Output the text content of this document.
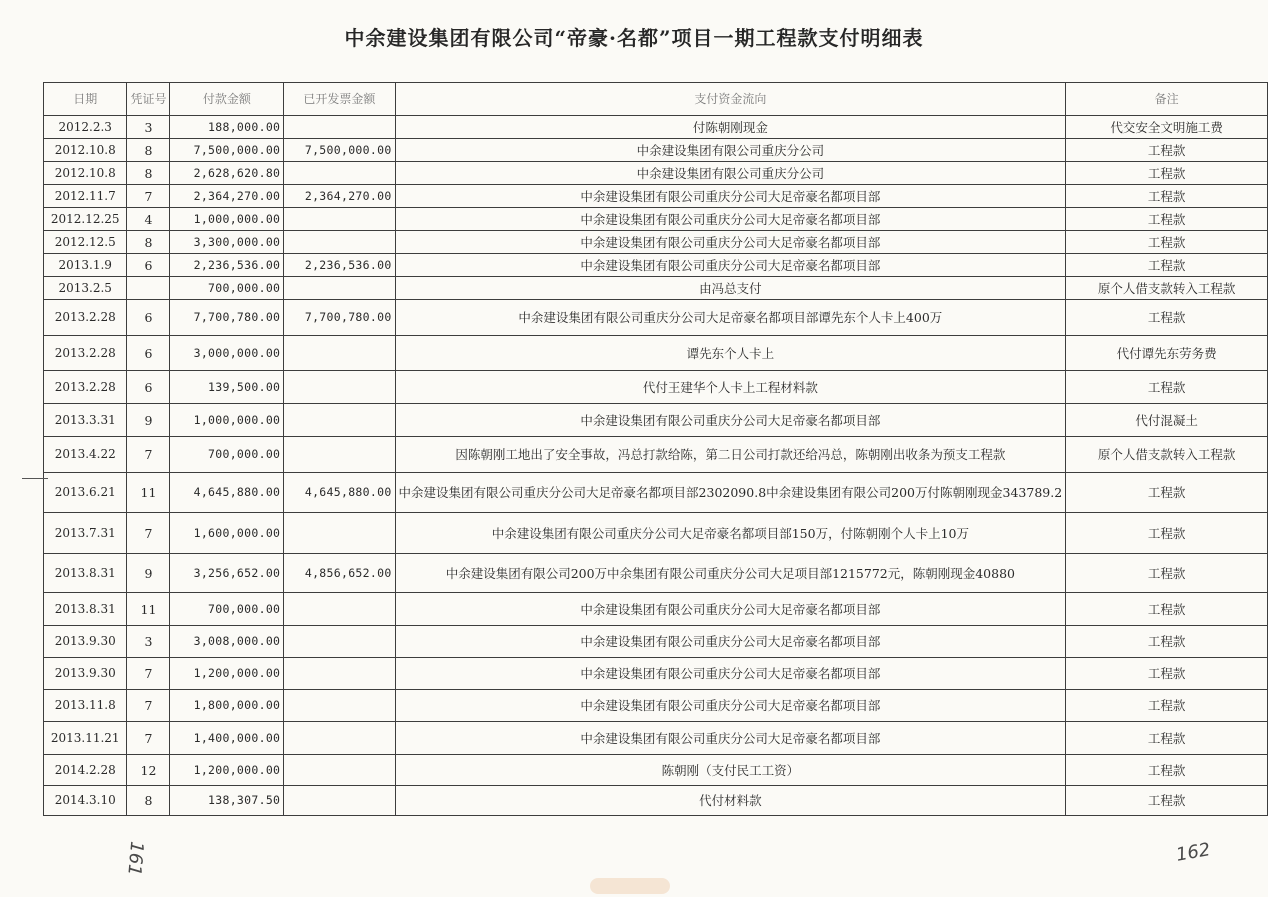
中余建设集团有限公司“帝豪·名都”项目一期工程款支付明细表
日期	凭证号	付款金额	已开发票金额	支付资金流向	备注
2012.2.3	3	188,000.00		付陈朝刚现金	代交安全文明施工费
2012.10.8	8	7,500,000.00	7,500,000.00	中余建设集团有限公司重庆分公司	工程款
2012.10.8	8	2,628,620.80		中余建设集团有限公司重庆分公司	工程款
2012.11.7	7	2,364,270.00	2,364,270.00	中余建设集团有限公司重庆分公司大足帝豪名都项目部	工程款
2012.12.25	4	1,000,000.00		中余建设集团有限公司重庆分公司大足帝豪名都项目部	工程款
2012.12.5	8	3,300,000.00		中余建设集团有限公司重庆分公司大足帝豪名都项目部	工程款
2013.1.9	6	2,236,536.00	2,236,536.00	中余建设集团有限公司重庆分公司大足帝豪名都项目部	工程款
2013.2.5		700,000.00		由冯总支付	原个人借支款转入工程款
2013.2.28	6	7,700,780.00	7,700,780.00	中余建设集团有限公司重庆分公司大足帝豪名都项目部谭先东个人卡上400万	工程款
2013.2.28	6	3,000,000.00		谭先东个人卡上	代付谭先东劳务费
2013.2.28	6	139,500.00		代付王建华个人卡上工程材料款	工程款
2013.3.31	9	1,000,000.00		中余建设集团有限公司重庆分公司大足帝豪名都项目部	代付混凝土
2013.4.22	7	700,000.00		因陈朝刚工地出了安全事故，冯总打款给陈，第二日公司打款还给冯总，陈朝刚出收条为预支工程款	原个人借支款转入工程款
2013.6.21	11	4,645,880.00	4,645,880.00	中余建设集团有限公司重庆分公司大足帝豪名都项目部2302090.8中余建设集团有限公司200万付陈朝刚现金343789.2	工程款
2013.7.31	7	1,600,000.00		中余建设集团有限公司重庆分公司大足帝豪名都项目部150万，付陈朝刚个人卡上10万	工程款
2013.8.31	9	3,256,652.00	4,856,652.00	中余建设集团有限公司200万中余集团有限公司重庆分公司大足项目部1215772元，陈朝刚现金40880	工程款
2013.8.31	11	700,000.00		中余建设集团有限公司重庆分公司大足帝豪名都项目部	工程款
2013.9.30	3	3,008,000.00		中余建设集团有限公司重庆分公司大足帝豪名都项目部	工程款
2013.9.30	7	1,200,000.00		中余建设集团有限公司重庆分公司大足帝豪名都项目部	工程款
2013.11.8	7	1,800,000.00		中余建设集团有限公司重庆分公司大足帝豪名都项目部	工程款
2013.11.21	7	1,400,000.00		中余建设集团有限公司重庆分公司大足帝豪名都项目部	工程款
2014.2.28	12	1,200,000.00		陈朝刚（支付民工工资）	工程款
2014.3.10	8	138,307.50		代付材料款	工程款
161	162
